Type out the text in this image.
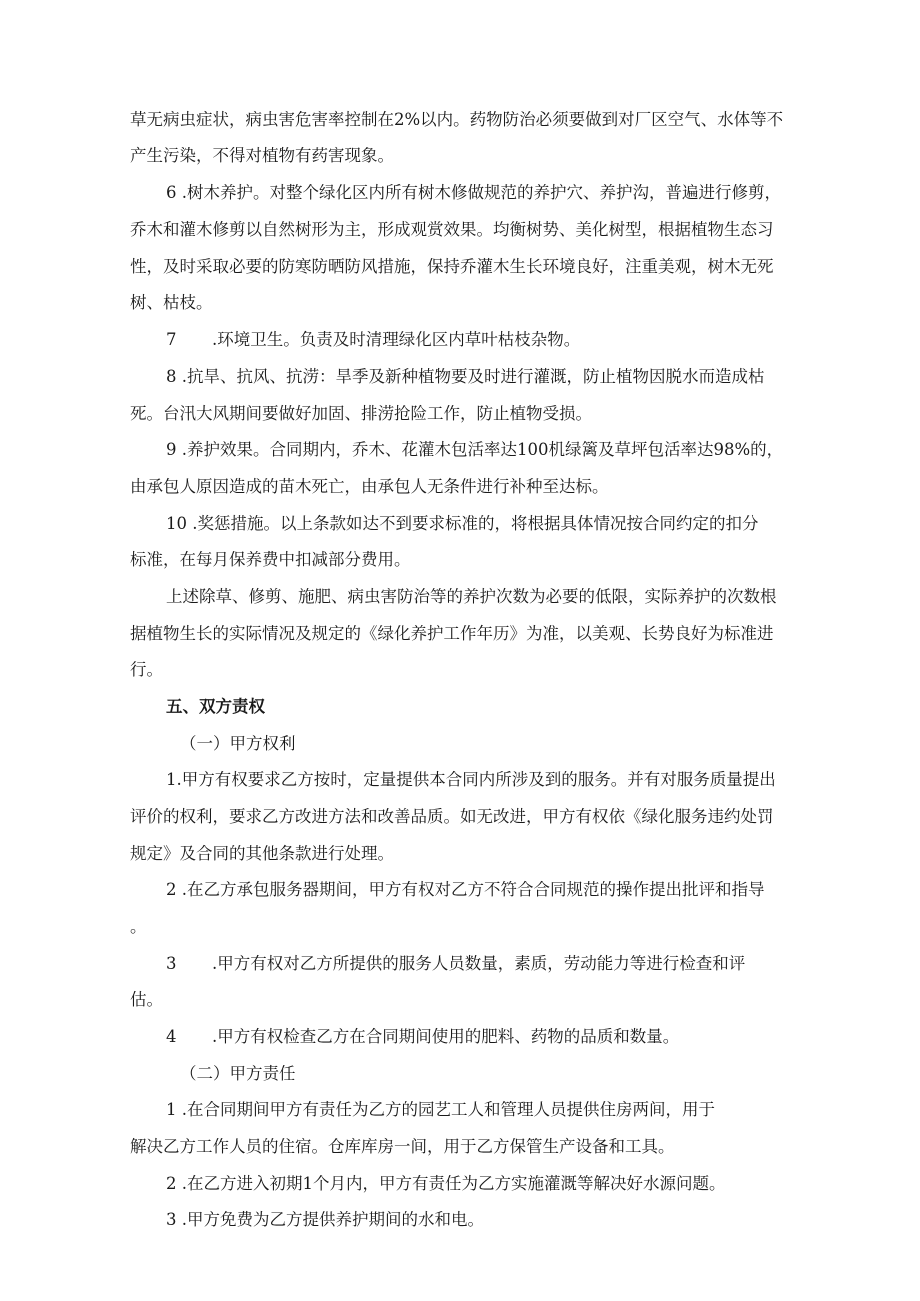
草无病虫症状，病虫害危害率控制在2%以内。药物防治必须要做到对厂区空气、水体等不
产生污染，不得对植物有药害现象。
6 .树木养护。对整个绿化区内所有树木修做规范的养护穴、养护沟，普遍进行修剪，
乔木和灌木修剪以自然树形为主，形成观赏效果。均衡树势、美化树型，根据植物生态习
性，及时采取必要的防寒防晒防风措施，保持乔灌木生长环境良好，注重美观，树木无死
树、枯枝。
7 .环境卫生。负责及时清理绿化区内草叶枯枝杂物。
8 .抗旱、抗风、抗涝：旱季及新种植物要及时进行灌溉，防止植物因脱水而造成枯
死。台汛大风期间要做好加固、排涝抢险工作，防止植物受损。
9 .养护效果。合同期内，乔木、花灌木包活率达100机绿篱及草坪包活率达98%的，
由承包人原因造成的苗木死亡，由承包人无条件进行补种至达标。
10 .奖惩措施。以上条款如达不到要求标准的，将根据具体情况按合同约定的扣分
标准，在每月保养费中扣减部分费用。
上述除草、修剪、施肥、病虫害防治等的养护次数为必要的低限，实际养护的次数根
据植物生长的实际情况及规定的《绿化养护工作年历》为准，以美观、长势良好为标准进
行。
五、双方责权
（一）甲方权利
1.甲方有权要求乙方按时，定量提供本合同内所涉及到的服务。并有对服务质量提出
评价的权利，要求乙方改进方法和改善品质。如无改进，甲方有权依《绿化服务违约处罚
规定》及合同的其他条款进行处理。
2 .在乙方承包服务器期间，甲方有权对乙方不符合合同规范的操作提出批评和指导
。
3 .甲方有权对乙方所提供的服务人员数量，素质，劳动能力等进行检查和评
估。
4 .甲方有权检查乙方在合同期间使用的肥料、药物的品质和数量。
（二）甲方责任
1 .在合同期间甲方有责任为乙方的园艺工人和管理人员提供住房两间，用于
解决乙方工作人员的住宿。仓库库房一间，用于乙方保管生产设备和工具。
2 .在乙方进入初期1个月内，甲方有责任为乙方实施灌溉等解决好水源问题。
3 .甲方免费为乙方提供养护期间的水和电。
